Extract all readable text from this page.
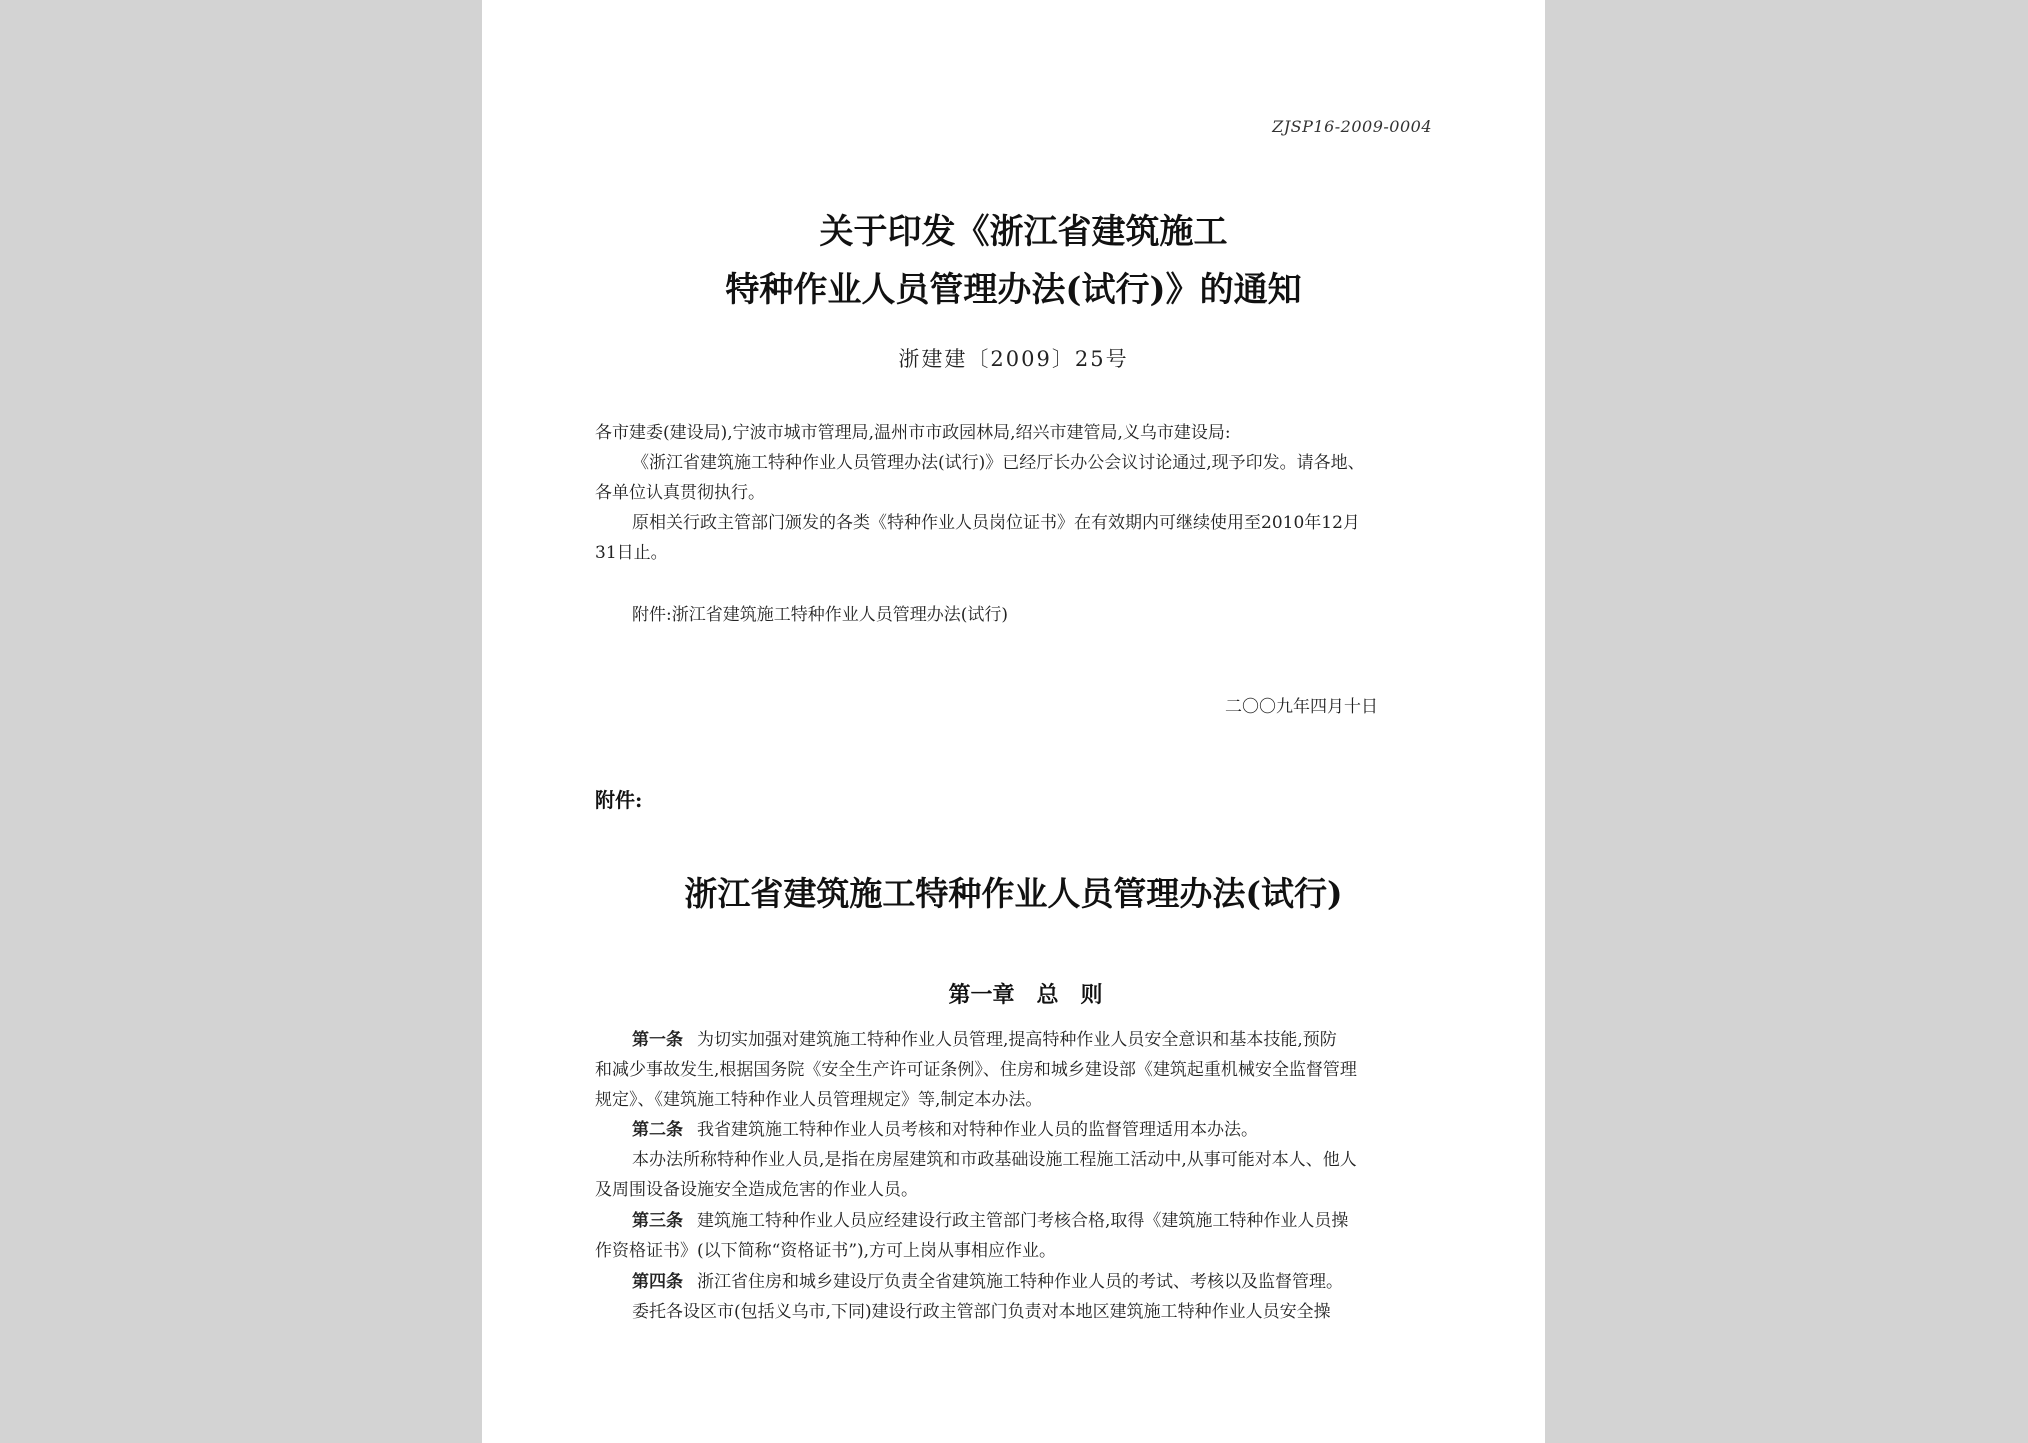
ZJSP16-2009-0004
关于印发《浙江省建筑施工
特种作业人员管理办法(试行)》的通知
浙建建〔2009〕25号
各市建委(建设局),宁波市城市管理局,温州市市政园林局,绍兴市建管局,义乌市建设局:
《浙江省建筑施工特种作业人员管理办法(试行)》已经厅长办公会议讨论通过,现予印发。请各地、
各单位认真贯彻执行。
原相关行政主管部门颁发的各类《特种作业人员岗位证书》在有效期内可继续使用至2010年12月
31日止。
附件:浙江省建筑施工特种作业人员管理办法(试行)
二〇〇九年四月十日
附件:
浙江省建筑施工特种作业人员管理办法(试行)
第一章　总　则
第一条 为切实加强对建筑施工特种作业人员管理,提高特种作业人员安全意识和基本技能,预防
和减少事故发生,根据国务院《安全生产许可证条例》、住房和城乡建设部《建筑起重机械安全监督管理
规定》、《建筑施工特种作业人员管理规定》等,制定本办法。
第二条 我省建筑施工特种作业人员考核和对特种作业人员的监督管理适用本办法。
本办法所称特种作业人员,是指在房屋建筑和市政基础设施工程施工活动中,从事可能对本人、他人
及周围设备设施安全造成危害的作业人员。
第三条 建筑施工特种作业人员应经建设行政主管部门考核合格,取得《建筑施工特种作业人员操
作资格证书》(以下简称“资格证书”),方可上岗从事相应作业。
第四条 浙江省住房和城乡建设厅负责全省建筑施工特种作业人员的考试、考核以及监督管理。
委托各设区市(包括义乌市,下同)建设行政主管部门负责对本地区建筑施工特种作业人员安全操
